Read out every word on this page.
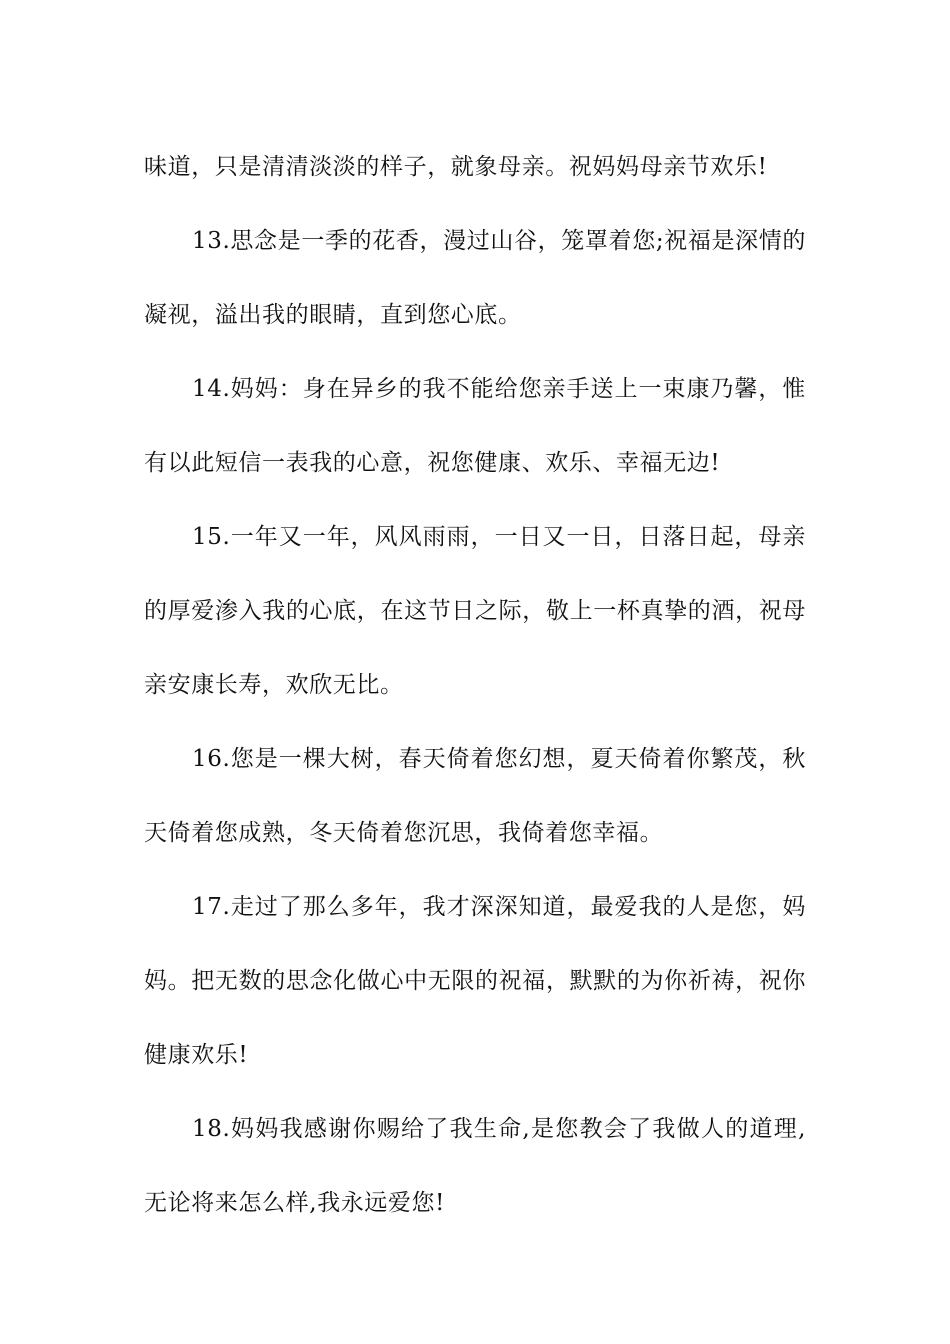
味道，只是清清淡淡的样子，就象母亲。祝妈妈母亲节欢乐!

13.思念是一季的花香，漫过山谷，笼罩着您;祝福是深情的凝视，溢出我的眼睛，直到您心底。

14.妈妈：身在异乡的我不能给您亲手送上一束康乃馨，惟有以此短信一表我的心意，祝您健康、欢乐、幸福无边!

15.一年又一年，风风雨雨，一日又一日，日落日起，母亲的厚爱渗入我的心底，在这节日之际，敬上一杯真挚的酒，祝母亲安康长寿，欢欣无比。

16.您是一棵大树，春天倚着您幻想，夏天倚着你繁茂，秋天倚着您成熟，冬天倚着您沉思，我倚着您幸福。

17.走过了那么多年，我才深深知道，最爱我的人是您，妈妈。把无数的思念化做心中无限的祝福，默默的为你祈祷，祝你健康欢乐!

18.妈妈我感谢你赐给了我生命,是您教会了我做人的道理,无论将来怎么样,我永远爱您!
